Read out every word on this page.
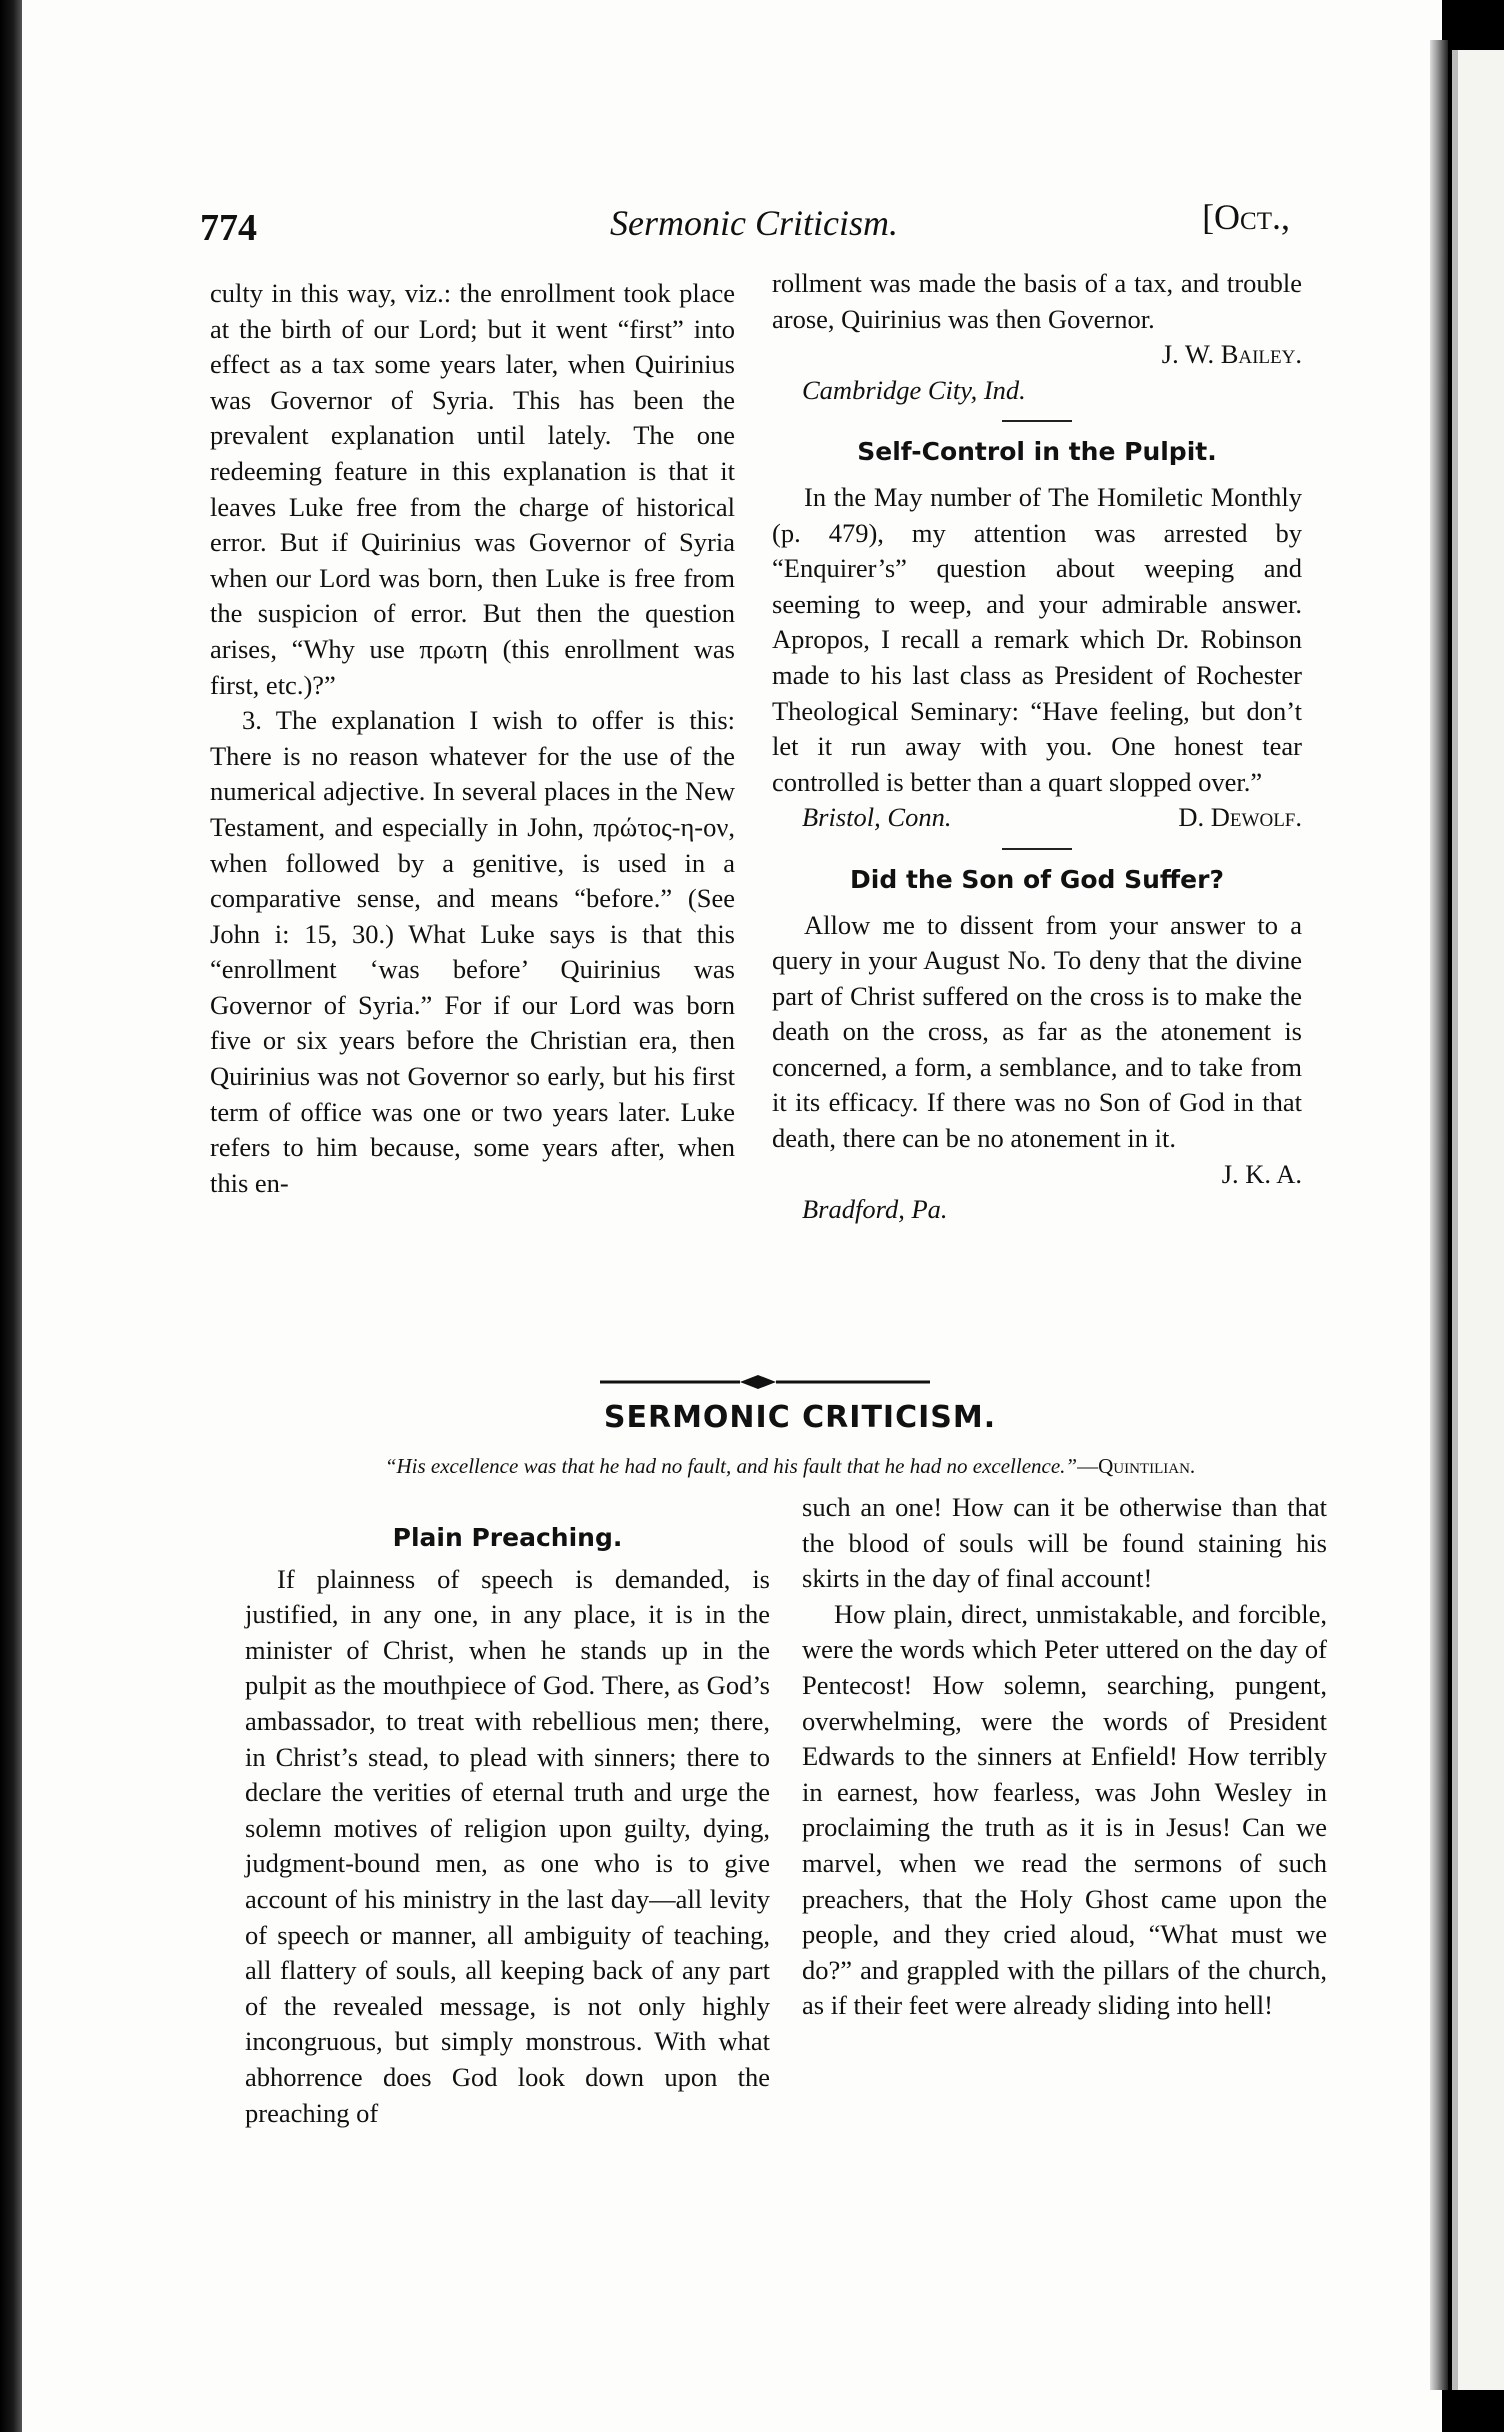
774	Sermonic Criticism.	[Oct.,

culty in this way, viz.: the enrollment took place at the birth of our Lord; but it went “first” into effect as a tax some years later, when Quirinius was Governor of Syria. This has been the prevalent explanation until lately. The one redeeming feature in this explanation is that it leaves Luke free from the charge of historical error. But if Quirinius was Governor of Syria when our Lord was born, then Luke is free from the suspicion of error. But then the question arises, “Why use πρωτη (this enrollment was first, etc.)?”

3. The explanation I wish to offer is this: There is no reason whatever for the use of the numerical adjective. In several places in the New Testament, and especially in John, πρώτος-η-ον, when followed by a genitive, is used in a comparative sense, and means “before.” (See John i: 15, 30.) What Luke says is that this “enrollment ‘was before’ Quirinius was Governor of Syria.” For if our Lord was born five or six years before the Christian era, then Quirinius was not Governor so early, but his first term of office was one or two years later. Luke refers to him because, some years after, when this en-

rollment was made the basis of a tax, and trouble arose, Quirinius was then Governor.

J. W. Bailey.
Cambridge City, Ind.
Self-Control in the Pulpit.

In the May number of The Homiletic Monthly (p. 479), my attention was arrested by “Enquirer’s” question about weeping and seeming to weep, and your admirable answer. Apropos, I recall a remark which Dr. Robinson made to his last class as President of Rochester Theological Seminary: “Have feeling, but don’t let it run away with you. One honest tear controlled is better than a quart slopped over.”

Bristol, Conn.	D. Dewolf.
Did the Son of God Suffer?

Allow me to dissent from your answer to a query in your August No. To deny that the divine part of Christ suffered on the cross is to make the death on the cross, as far as the atonement is concerned, a form, a semblance, and to take from it its efficacy. If there was no Son of God in that death, there can be no atonement in it.

J. K. A.
Bradford, Pa.
SERMONIC CRITICISM.
“His excellence was that he had no fault, and his fault that he had no excellence.”—Quintilian.
Plain Preaching.

If plainness of speech is demanded, is justified, in any one, in any place, it is in the minister of Christ, when he stands up in the pulpit as the mouthpiece of God. There, as God’s ambassador, to treat with rebellious men; there, in Christ’s stead, to plead with sinners; there to declare the verities of eternal truth and urge the solemn motives of religion upon guilty, dying, judgment-bound men, as one who is to give account of his ministry in the last day—all levity of speech or manner, all ambiguity of teaching, all flattery of souls, all keeping back of any part of the revealed message, is not only highly incongruous, but simply monstrous. With what abhorrence does God look down upon the preaching of

such an one! How can it be otherwise than that the blood of souls will be found staining his skirts in the day of final account!

How plain, direct, unmistakable, and forcible, were the words which Peter uttered on the day of Pentecost! How solemn, searching, pungent, overwhelming, were the words of President Edwards to the sinners at Enfield! How terribly in earnest, how fearless, was John Wesley in proclaiming the truth as it is in Jesus! Can we marvel, when we read the sermons of such preachers, that the Holy Ghost came upon the people, and they cried aloud, “What must we do?” and grappled with the pillars of the church, as if their feet were already sliding into hell!
